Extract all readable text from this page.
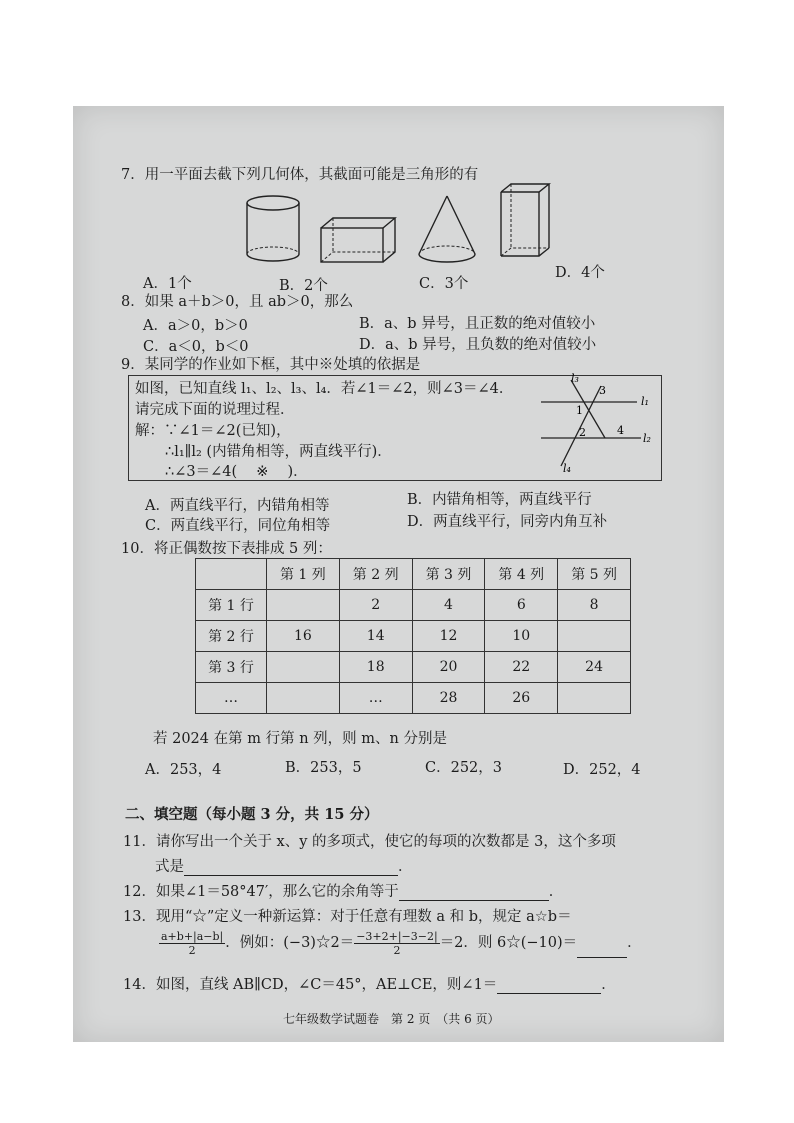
7．用一平面去截下列几何体，其截面可能是三角形的有
A．1个	B．2个	C．3个
D．4个
8．如果 a＋b＞0，且 ab＞0，那么
A．a＞0，b＞0	B．a、b 异号，且正数的绝对值较小
C．a＜0，b＜0	D．a、b 异号，且负数的绝对值较小
9．某同学的作业如下框，其中※处填的依据是
如图，已知直线 l₁、l₂、l₃、l₄．若∠1＝∠2，则∠3＝∠4．
请完成下面的说理过程．
解：∵∠1＝∠2(已知)，
∴l₁∥l₂ (内错角相等，两直线平行)．
∴∠3＝∠4(　 ※　 )．
l₃
3
1
2	4
l₁
l₂
l₄
A．两直线平行，内错角相等	B．内错角相等，两直线平行
C．两直线平行，同位角相等	D．两直线平行，同旁内角互补
10．将正偶数按下表排成 5 列：
	第 1 列	第 2 列	第 3 列	第 4 列	第 5 列
第 1 行		2	4	6	8
第 2 行	16	14	12	10	
第 3 行		18	20	22	24
…		…	28	26	
若 2024 在第 m 行第 n 列，则 m、n 分别是
A．253，4	B．253，5	C．252，3	D．252，4
二、填空题（每小题 3 分，共 15 分）
11．请你写出一个关于 x、y 的多项式，使它的每项的次数都是 3，这个多项
式是	．
12．如果∠1＝58°47′，那么它的余角等于	．
13．现用“☆”定义一种新运算：对于任意有理数 a 和 b，规定 a☆b＝
$\frac{a+b+|a-b|}{2}$ ．例如：(−3)☆2＝ $\frac{-3+2+|-3-2|}{2} =2$．则 6☆(−10)＝	．
14．如图，直线 AB∥CD，∠C＝45°，AE⊥CE，则∠1＝	．
七年级数学试题卷　第 2 页　（共 6 页）
